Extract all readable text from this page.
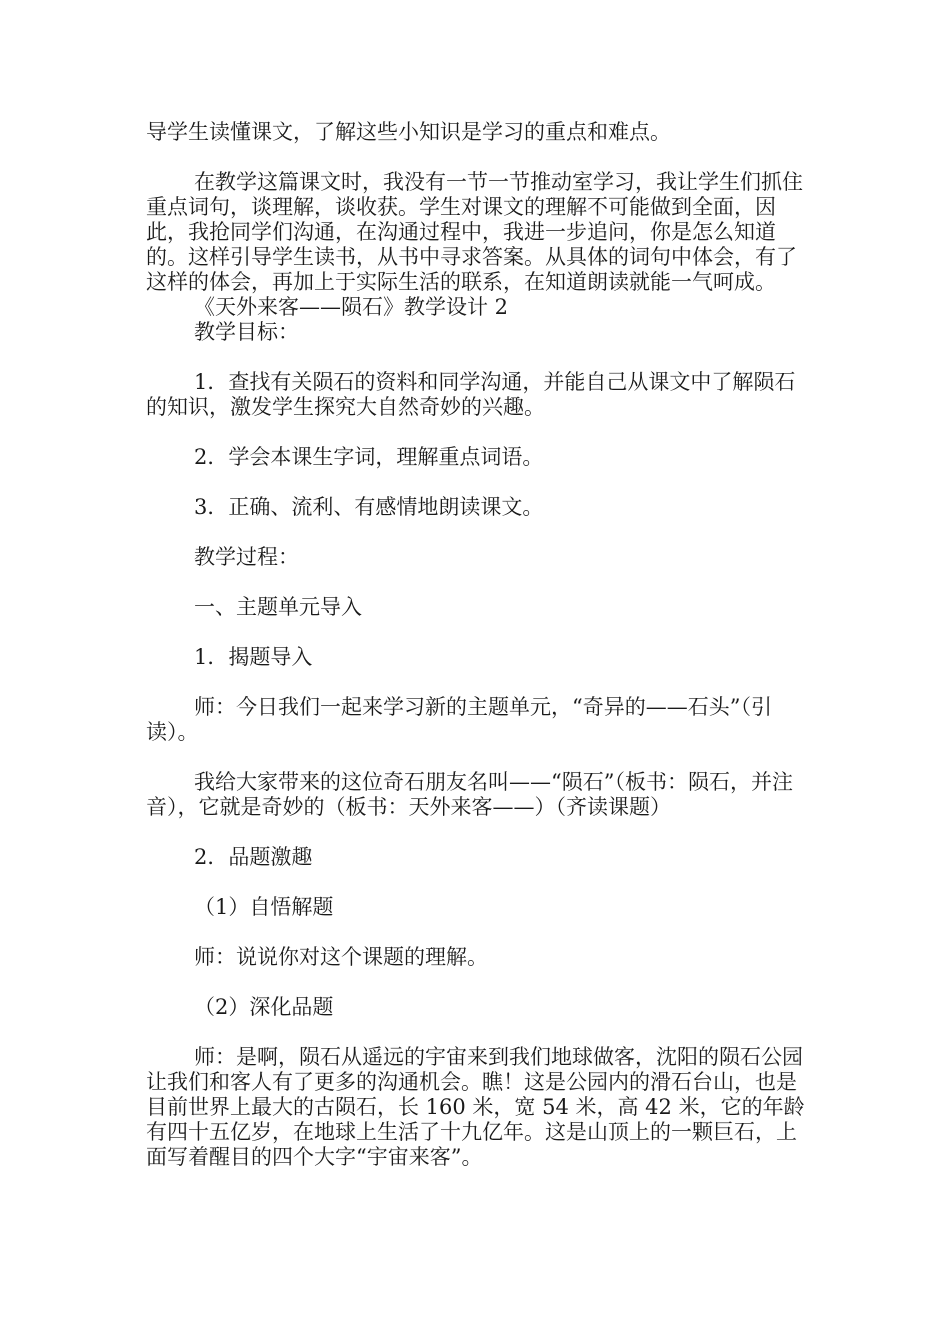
导学生读懂课文，了解这些小知识是学习的重点和难点。

在教学这篇课文时，我没有一节一节推动室学习，我让学生们抓住重点词句，谈理解，谈收获。学生对课文的理解不可能做到全面，因此，我抢同学们沟通，在沟通过程中，我进一步追问，你是怎么知道的。这样引导学生读书，从书中寻求答案。从具体的词句中体会，有了这样的体会，再加上于实际生活的联系，在知道朗读就能一气呵成。

《天外来客——陨石》教学设计 2

教学目标：

1．查找有关陨石的资料和同学沟通，并能自己从课文中了解陨石的知识，激发学生探究大自然奇妙的兴趣。

2．学会本课生字词，理解重点词语。

3．正确、流利、有感情地朗读课文。

教学过程：

一、主题单元导入

1．揭题导入

师：今日我们一起来学习新的主题单元，“奇异的——石头”（引读）。

我给大家带来的这位奇石朋友名叫——“陨石”（板书：陨石，并注音），它就是奇妙的（板书：天外来客——）（齐读课题）

2．品题激趣

（1）自悟解题

师：说说你对这个课题的理解。

（2）深化品题

师：是啊，陨石从遥远的宇宙来到我们地球做客，沈阳的陨石公园让我们和客人有了更多的沟通机会。瞧！这是公园内的滑石台山，也是目前世界上最大的古陨石，长 160 米，宽 54 米，高 42 米，它的年龄有四十五亿岁，在地球上生活了十九亿年。这是山顶上的一颗巨石，上面写着醒目的四个大字“宇宙来客”。
